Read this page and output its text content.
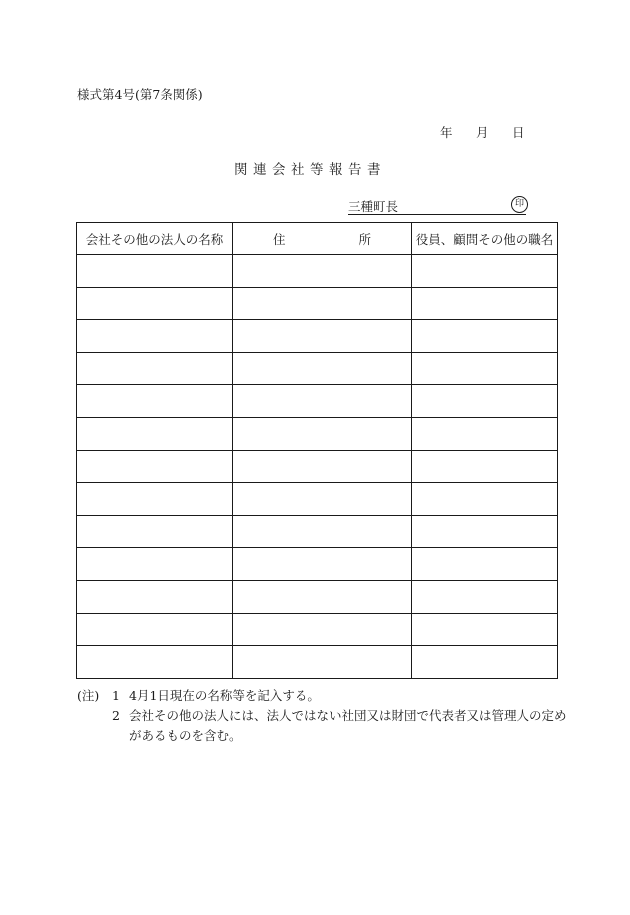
様式第4号(第7条関係)
年 月 日
関連会社等報告書
三種町長	印
会社その他の法人の名称	住 所	役員、顧問その他の職名

(注)	1 4月1日現在の名称等を記入する。
2 会社その他の法人には、法人ではない社団又は財団で代表者又は管理人の定めがあるものを含む。
